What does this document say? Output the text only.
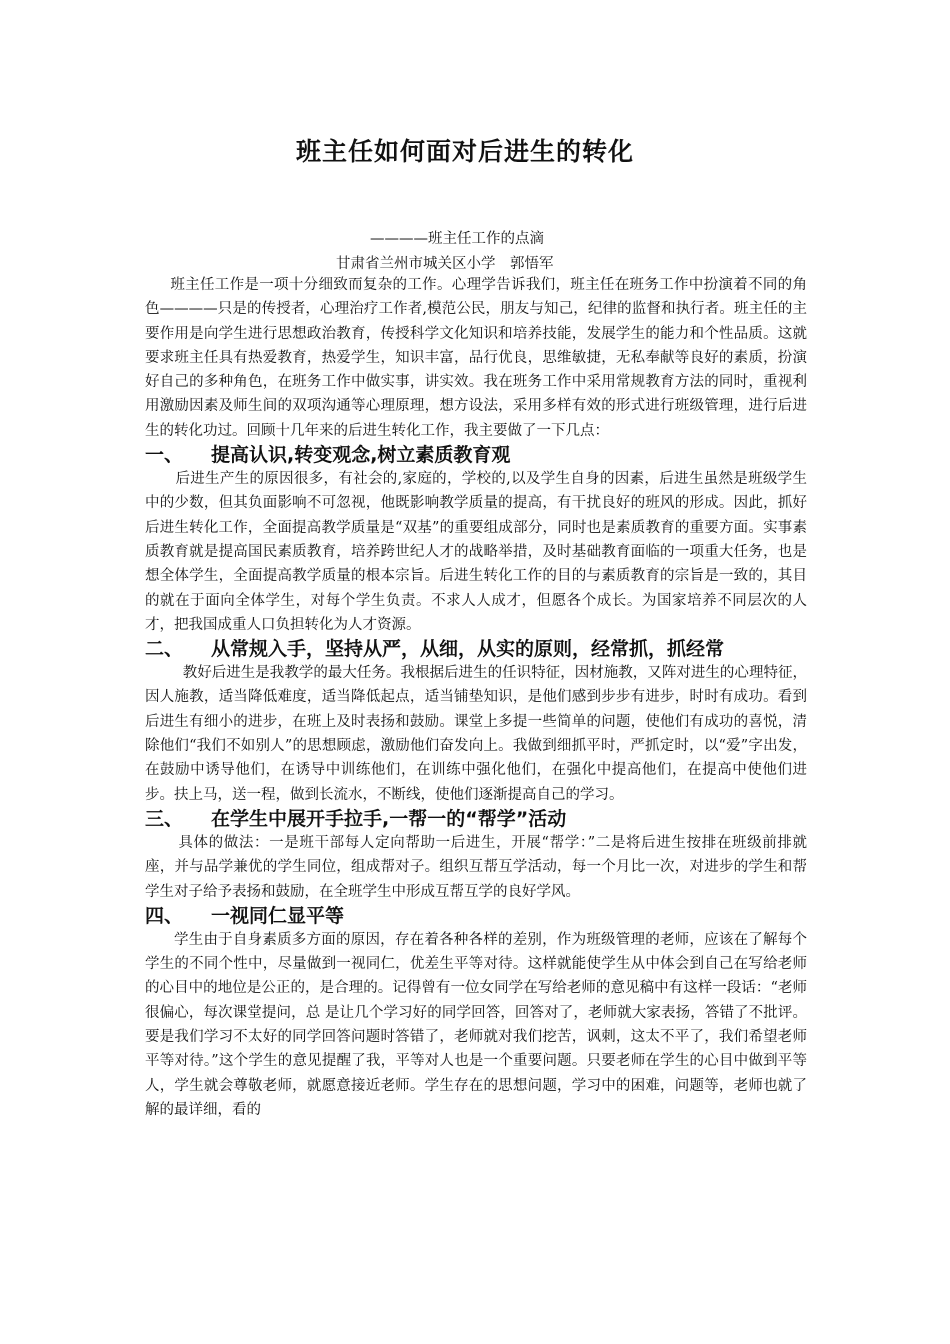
班主任如何面对后进生的转化

————班主任工作的点滴

甘肃省兰州市城关区小学　郭悟军

班主任工作是一项十分细致而复杂的工作。心理学告诉我们，班主任在班务工作中扮演着不同的角色————只是的传授者，心理治疗工作者,模范公民，朋友与知己，纪律的监督和执行者。班主任的主要作用是向学生进行思想政治教育，传授科学文化知识和培养技能，发展学生的能力和个性品质。这就要求班主任具有热爱教育，热爱学生，知识丰富，品行优良，思维敏捷，无私奉献等良好的素质，扮演好自己的多种角色，在班务工作中做实事，讲实效。我在班务工作中采用常规教育方法的同时，重视利用激励因素及师生间的双项沟通等心理原理，想方设法，采用多样有效的形式进行班级管理，进行后进生的转化功过。回顾十几年来的后进生转化工作，我主要做了一下几点：

一、 提高认识,转变观念,树立素质教育观

后进生产生的原因很多，有社会的,家庭的，学校的,以及学生自身的因素，后进生虽然是班级学生中的少数，但其负面影响不可忽视，他既影响教学质量的提高，有干扰良好的班风的形成。因此，抓好后进生转化工作，全面提高教学质量是“双基”的重要组成部分，同时也是素质教育的重要方面。实事素质教育就是提高国民素质教育，培养跨世纪人才的战略举措，及时基础教育面临的一项重大任务，也是想全体学生，全面提高教学质量的根本宗旨。后进生转化工作的目的与素质教育的宗旨是一致的，其目的就在于面向全体学生，对每个学生负责。不求人人成才，但愿各个成长。为国家培养不同层次的人才，把我国成重人口负担转化为人才资源。

二、 从常规入手，坚持从严，从细，从实的原则，经常抓，抓经常

教好后进生是我教学的最大任务。我根据后进生的任识特征，因材施教，又阵对进生的心理特征，因人施教，适当降低难度，适当降低起点，适当铺垫知识，是他们感到步步有进步，时时有成功。看到后进生有细小的进步，在班上及时表扬和鼓励。课堂上多提一些简单的问题，使他们有成功的喜悦，清除他们“我们不如别人”的思想顾虑，激励他们奋发向上。我做到细抓平时，严抓定时，以“爱”字出发，在鼓励中诱导他们，在诱导中训练他们，在训练中强化他们，在强化中提高他们，在提高中使他们进步。扶上马，送一程，做到长流水，不断线，使他们逐渐提高自己的学习。

三、 在学生中展开手拉手,一帮一的“帮学”活动

具体的做法：一是班干部每人定向帮助一后进生，开展“帮学：”二是将后进生按排在班级前排就座，并与品学兼优的学生同位，组成帮对子。组织互帮互学活动，每一个月比一次，对进步的学生和帮学生对子给予表扬和鼓励，在全班学生中形成互帮互学的良好学风。

四、 一视同仁显平等

学生由于自身素质多方面的原因，存在着各种各样的差别，作为班级管理的老师，应该在了解每个学生的不同个性中，尽量做到一视同仁，优差生平等对待。这样就能使学生从中体会到自己在写给老师的心目中的地位是公正的，是合理的。记得曾有一位女同学在写给老师的意见稿中有这样一段话：“老师很偏心，每次课堂提问，总 是让几个学习好的同学回答，回答对了，老师就大家表扬，答错了不批评。要是我们学习不太好的同学回答问题时答错了，老师就对我们挖苦，讽刺，这太不平了，我们希望老师平等对待。”这个学生的意见提醒了我，平等对人也是一个重要问题。只要老师在学生的心目中做到平等人，学生就会尊敬老师，就愿意接近老师。学生存在的思想问题，学习中的困难，问题等，老师也就了解的最详细，看的
